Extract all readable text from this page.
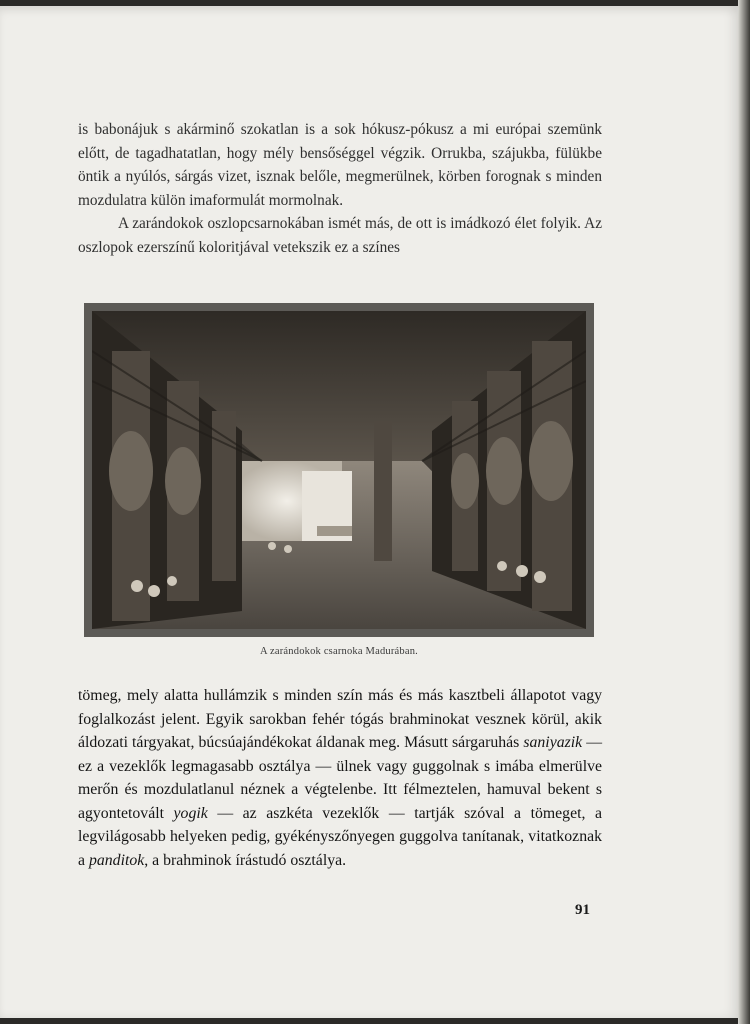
is babonájuk s akárminő szokatlan is a sok hókusz-pókusz a mi európai szemünk előtt, de tagadhatatlan, hogy mély bensőséggel végzik. Orrukba, szájukba, fülükbe öntik a nyúlós, sárgás vizet, isznak belőle, megmerülnek, körben forognak s minden mozdulatra külön imaformulát mormolnak.

A zarándokok oszlopcsarnokában ismét más, de ott is imádkozó élet folyik. Az oszlopok ezerszínű koloritjával vetekszik ez a színes

A zarándokok csarnoka Madurában.

tömeg, mely alatta hullámzik s minden szín más és más kasztbeli állapotot vagy foglalkozást jelent. Egyik sarokban fehér tógás brahminokat vesznek körül, akik áldozati tárgyakat, búcsúajándékokat áldanak meg. Másutt sárgaruhás saniyazik — ez a vezeklők legmagasabb osztálya — ülnek vagy guggolnak s imába elmerülve merőn és mozdulatlanul néznek a végtelenbe. Itt félmeztelen, hamuval bekent s agyontetovált yogik — az aszkéta vezeklők — tartják szóval a tömeget, a legvilágosabb helyeken pedig, gyékényszőnyegen guggolva tanítanak, vitatkoznak a panditok, a brahminok írástudó osztálya.

91
